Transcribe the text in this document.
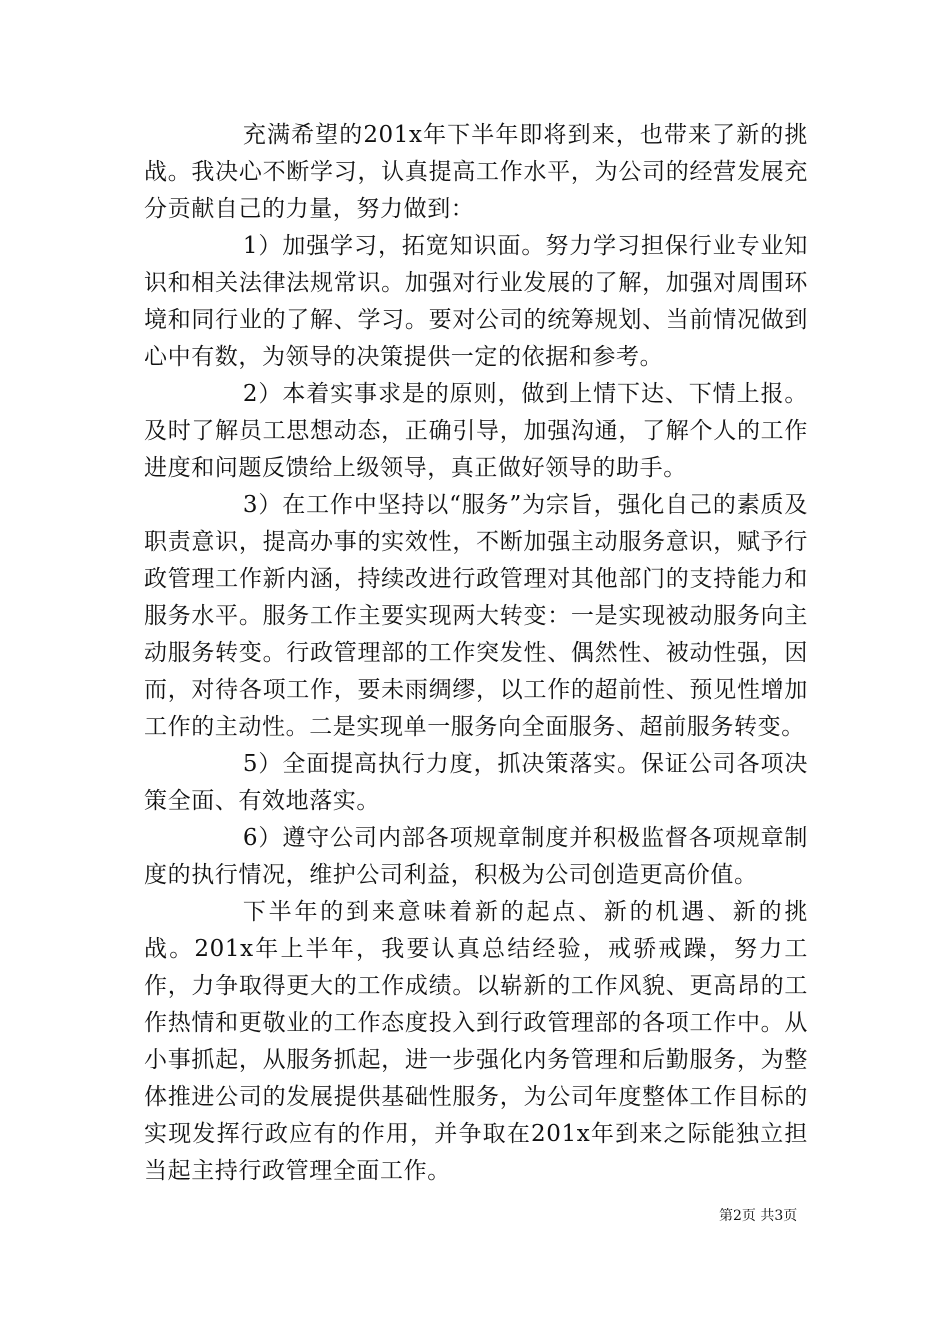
充满希望的201x年下半年即将到来，也带来了新的挑战。我决心不断学习，认真提高工作水平，为公司的经营发展充分贡献自己的力量，努力做到：

1）加强学习，拓宽知识面。努力学习担保行业专业知识和相关法律法规常识。加强对行业发展的了解，加强对周围环境和同行业的了解、学习。要对公司的统筹规划、当前情况做到心中有数，为领导的决策提供一定的依据和参考。

2）本着实事求是的原则，做到上情下达、下情上报。及时了解员工思想动态，正确引导，加强沟通，了解个人的工作进度和问题反馈给上级领导，真正做好领导的助手。

3）在工作中坚持以“服务”为宗旨，强化自己的素质及职责意识，提高办事的实效性，不断加强主动服务意识，赋予行政管理工作新内涵，持续改进行政管理对其他部门的支持能力和服务水平。服务工作主要实现两大转变：一是实现被动服务向主动服务转变。行政管理部的工作突发性、偶然性、被动性强，因而，对待各项工作，要未雨绸缪，以工作的超前性、预见性增加工作的主动性。二是实现单一服务向全面服务、超前服务转变。

5）全面提高执行力度，抓决策落实。保证公司各项决策全面、有效地落实。

6）遵守公司内部各项规章制度并积极监督各项规章制度的执行情况，维护公司利益，积极为公司创造更高价值。

下半年的到来意味着新的起点、新的机遇、新的挑战。201x年上半年，我要认真总结经验，戒骄戒躁，努力工作，力争取得更大的工作成绩。以崭新的工作风貌、更高昂的工作热情和更敬业的工作态度投入到行政管理部的各项工作中。从小事抓起，从服务抓起，进一步强化内务管理和后勤服务，为整体推进公司的发展提供基础性服务，为公司年度整体工作目标的实现发挥行政应有的作用，并争取在201x年到来之际能独立担当起主持行政管理全面工作。

第2页 共3页
